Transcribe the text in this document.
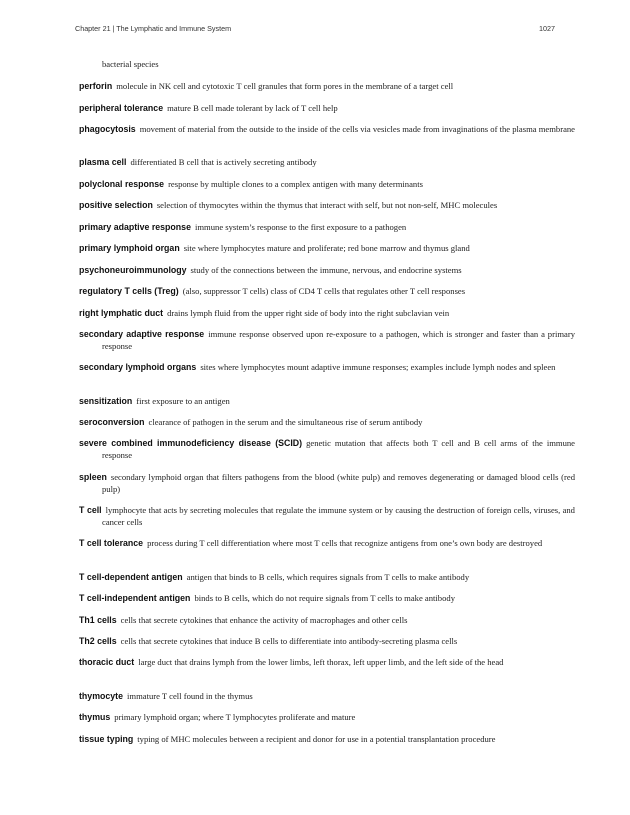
Chapter 21 | The Lymphatic and Immune System	1027
bacterial species
perforin molecule in NK cell and cytotoxic T cell granules that form pores in the membrane of a target cell
peripheral tolerance mature B cell made tolerant by lack of T cell help
phagocytosis movement of material from the outside to the inside of the cells via vesicles made from invaginations of the plasma membrane
plasma cell differentiated B cell that is actively secreting antibody
polyclonal response response by multiple clones to a complex antigen with many determinants
positive selection selection of thymocytes within the thymus that interact with self, but not non-self, MHC molecules
primary adaptive response immune system’s response to the first exposure to a pathogen
primary lymphoid organ site where lymphocytes mature and proliferate; red bone marrow and thymus gland
psychoneuroimmunology study of the connections between the immune, nervous, and endocrine systems
regulatory T cells (Treg) (also, suppressor T cells) class of CD4 T cells that regulates other T cell responses
right lymphatic duct drains lymph fluid from the upper right side of body into the right subclavian vein
secondary adaptive response immune response observed upon re-exposure to a pathogen, which is stronger and faster than a primary response
secondary lymphoid organs sites where lymphocytes mount adaptive immune responses; examples include lymph nodes and spleen
sensitization first exposure to an antigen
seroconversion clearance of pathogen in the serum and the simultaneous rise of serum antibody
severe combined immunodeficiency disease (SCID) genetic mutation that affects both T cell and B cell arms of the immune response
spleen secondary lymphoid organ that filters pathogens from the blood (white pulp) and removes degenerating or damaged blood cells (red pulp)
T cell lymphocyte that acts by secreting molecules that regulate the immune system or by causing the destruction of foreign cells, viruses, and cancer cells
T cell tolerance process during T cell differentiation where most T cells that recognize antigens from one’s own body are destroyed
T cell-dependent antigen antigen that binds to B cells, which requires signals from T cells to make antibody
T cell-independent antigen binds to B cells, which do not require signals from T cells to make antibody
Th1 cells cells that secrete cytokines that enhance the activity of macrophages and other cells
Th2 cells cells that secrete cytokines that induce B cells to differentiate into antibody-secreting plasma cells
thoracic duct large duct that drains lymph from the lower limbs, left thorax, left upper limb, and the left side of the head
thymocyte immature T cell found in the thymus
thymus primary lymphoid organ; where T lymphocytes proliferate and mature
tissue typing typing of MHC molecules between a recipient and donor for use in a potential transplantation procedure
